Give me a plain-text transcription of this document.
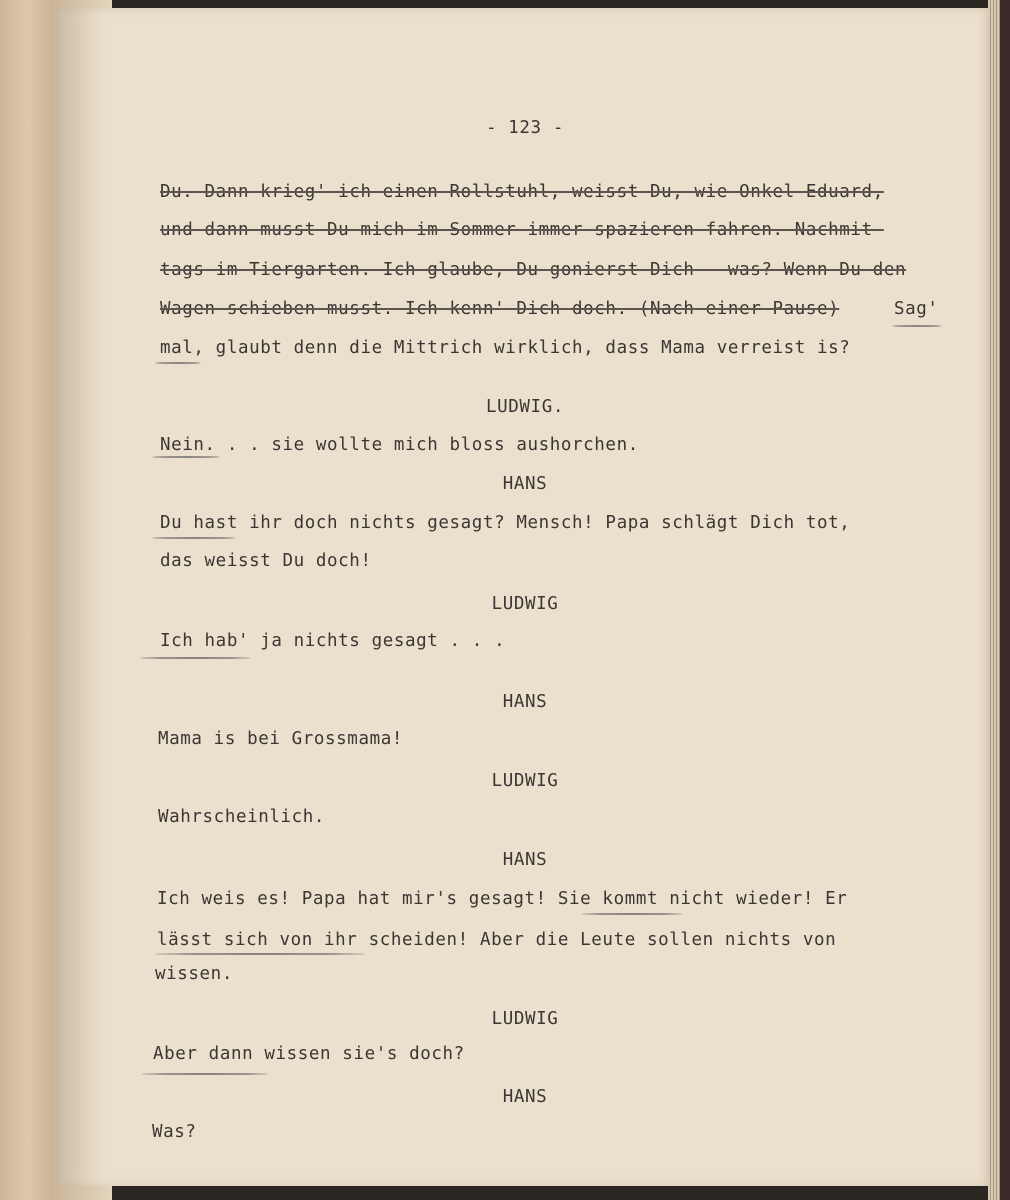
- 123 -
Du. Dann krieg' ich einen Rollstuhl, weisst Du, wie Onkel Eduard,
und dann musst Du mich im Sommer immer spazieren fahren. Nachmit-
tags im Tiergarten. Ich glaube, Du gonierst Dich - was? Wenn Du den
Wagen schieben musst. Ich kenn' Dich doch. (Nach einer Pause)	Sag'
mal, glaubt denn die Mittrich wirklich, dass Mama verreist is?
LUDWIG.
Nein. . . sie wollte mich bloss aushorchen.
HANS
Du hast ihr doch nichts gesagt? Mensch! Papa schlägt Dich tot,
das weisst Du doch!
LUDWIG
Ich hab' ja nichts gesagt . . .
HANS
Mama is bei Grossmama!
LUDWIG
Wahrscheinlich.
HANS
Ich weis es! Papa hat mir's gesagt! Sie kommt nicht wieder! Er
lässt sich von ihr scheiden! Aber die Leute sollen nichts von
wissen.
LUDWIG
Aber dann wissen sie's doch?
HANS
Was?
